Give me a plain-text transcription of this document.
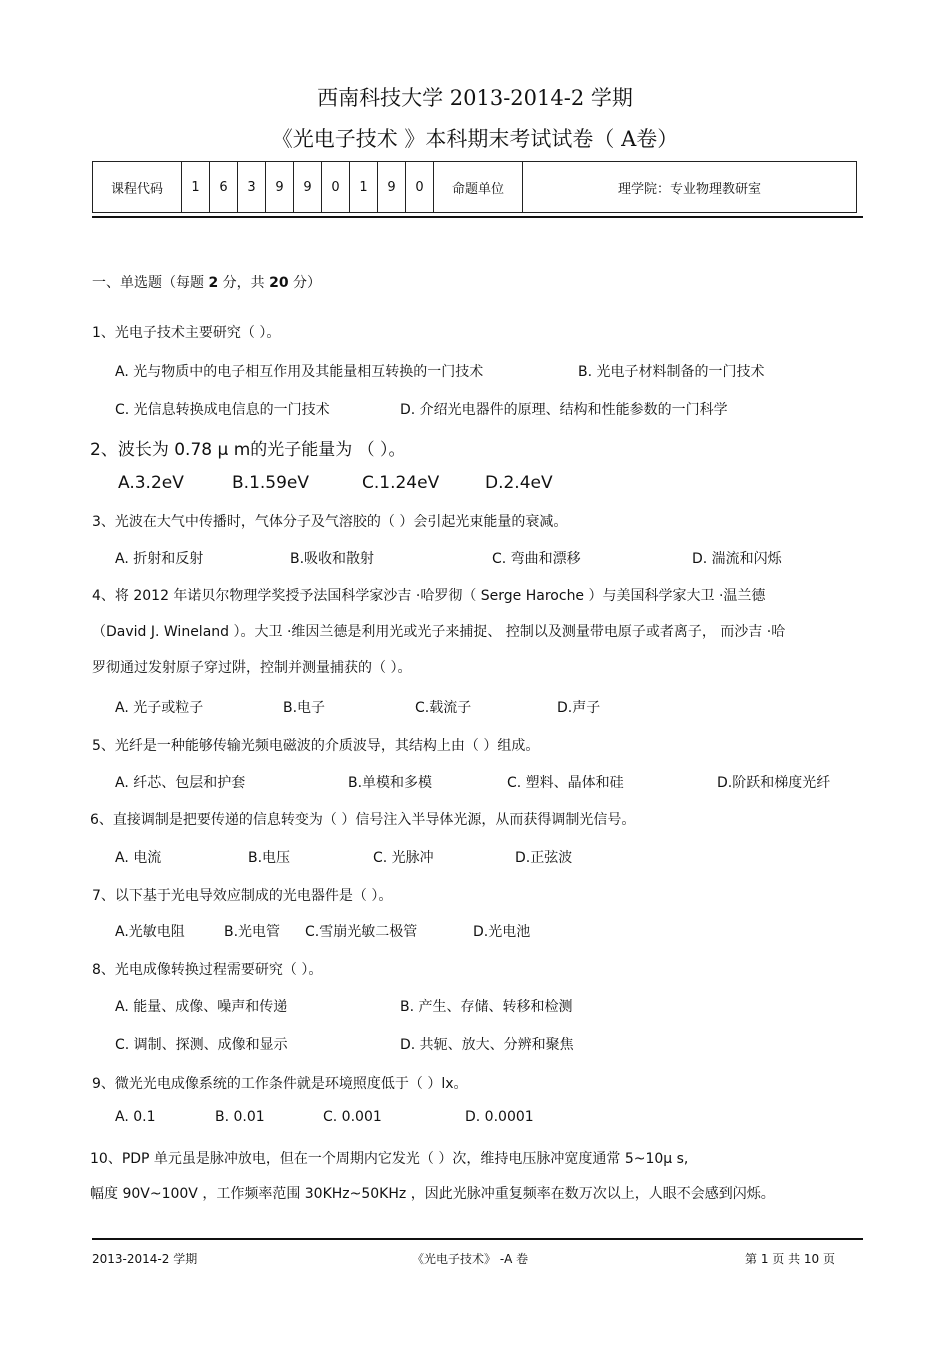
西南科技大学 2013-2014-2 学期
《光电子技术 》本科期末考试试卷（ A卷）
课程代码	1	6	3	9	9	0	1	9	0	命题单位	理学院：专业物理教研室
一、单选题（每题 2 分，共 20 分）
1、光电子技术主要研究（ ）。
A. 光与物质中的电子相互作用及其能量相互转换的一门技术	B. 光电子材料制备的一门技术
C. 光信息转换成电信息的一门技术	D. 介绍光电器件的原理、结构和性能参数的一门科学
2、波长为 0.78 μ m的光子能量为 （ ）。
A.3.2eV	B.1.59eV	C.1.24eV	D.2.4eV
3、光波在大气中传播时，气体分子及气溶胶的（ ）会引起光束能量的衰减。
A. 折射和反射	B.吸收和散射	C. 弯曲和漂移	D. 湍流和闪烁
4、将 2012 年诺贝尔物理学奖授予法国科学家沙吉 ·哈罗彻（ Serge Haroche ）与美国科学家大卫 ·温兰德
（David J. Wineland ）。大卫 ·维因兰德是利用光或光子来捕捉、 控制以及测量带电原子或者离子， 而沙吉 ·哈
罗彻通过发射原子穿过阱，控制并测量捕获的（ ）。
A. 光子或粒子	B.电子	C.载流子	D.声子
5、光纤是一种能够传输光频电磁波的介质波导，其结构上由（ ）组成。
A. 纤芯、包层和护套	B.单模和多模	C. 塑料、晶体和硅	D.阶跃和梯度光纤
6、直接调制是把要传递的信息转变为（ ）信号注入半导体光源，从而获得调制光信号。
A. 电流	B.电压	C. 光脉冲	D.正弦波
7、以下基于光电导效应制成的光电器件是（ ）。
A.光敏电阻	B.光电管 C.雪崩光敏二极管	D.光电池
8、光电成像转换过程需要研究（ ）。
A. 能量、成像、噪声和传递	B. 产生、存储、转移和检测
C. 调制、探测、成像和显示	D. 共轭、放大、分辨和聚焦
9、微光光电成像系统的工作条件就是环境照度低于（ ）lx。
A. 0.1	B. 0.01	C. 0.001	D. 0.0001
10、PDP 单元虽是脉冲放电，但在一个周期内它发光（ ）次，维持电压脉冲宽度通常 5~10μ s,
幅度 90V~100V ，工作频率范围 30KHz~50KHz ，因此光脉冲重复频率在数万次以上，人眼不会感到闪烁。
2013-2014-2 学期	《光电子技术》 -A 卷	第 1 页 共 10 页
